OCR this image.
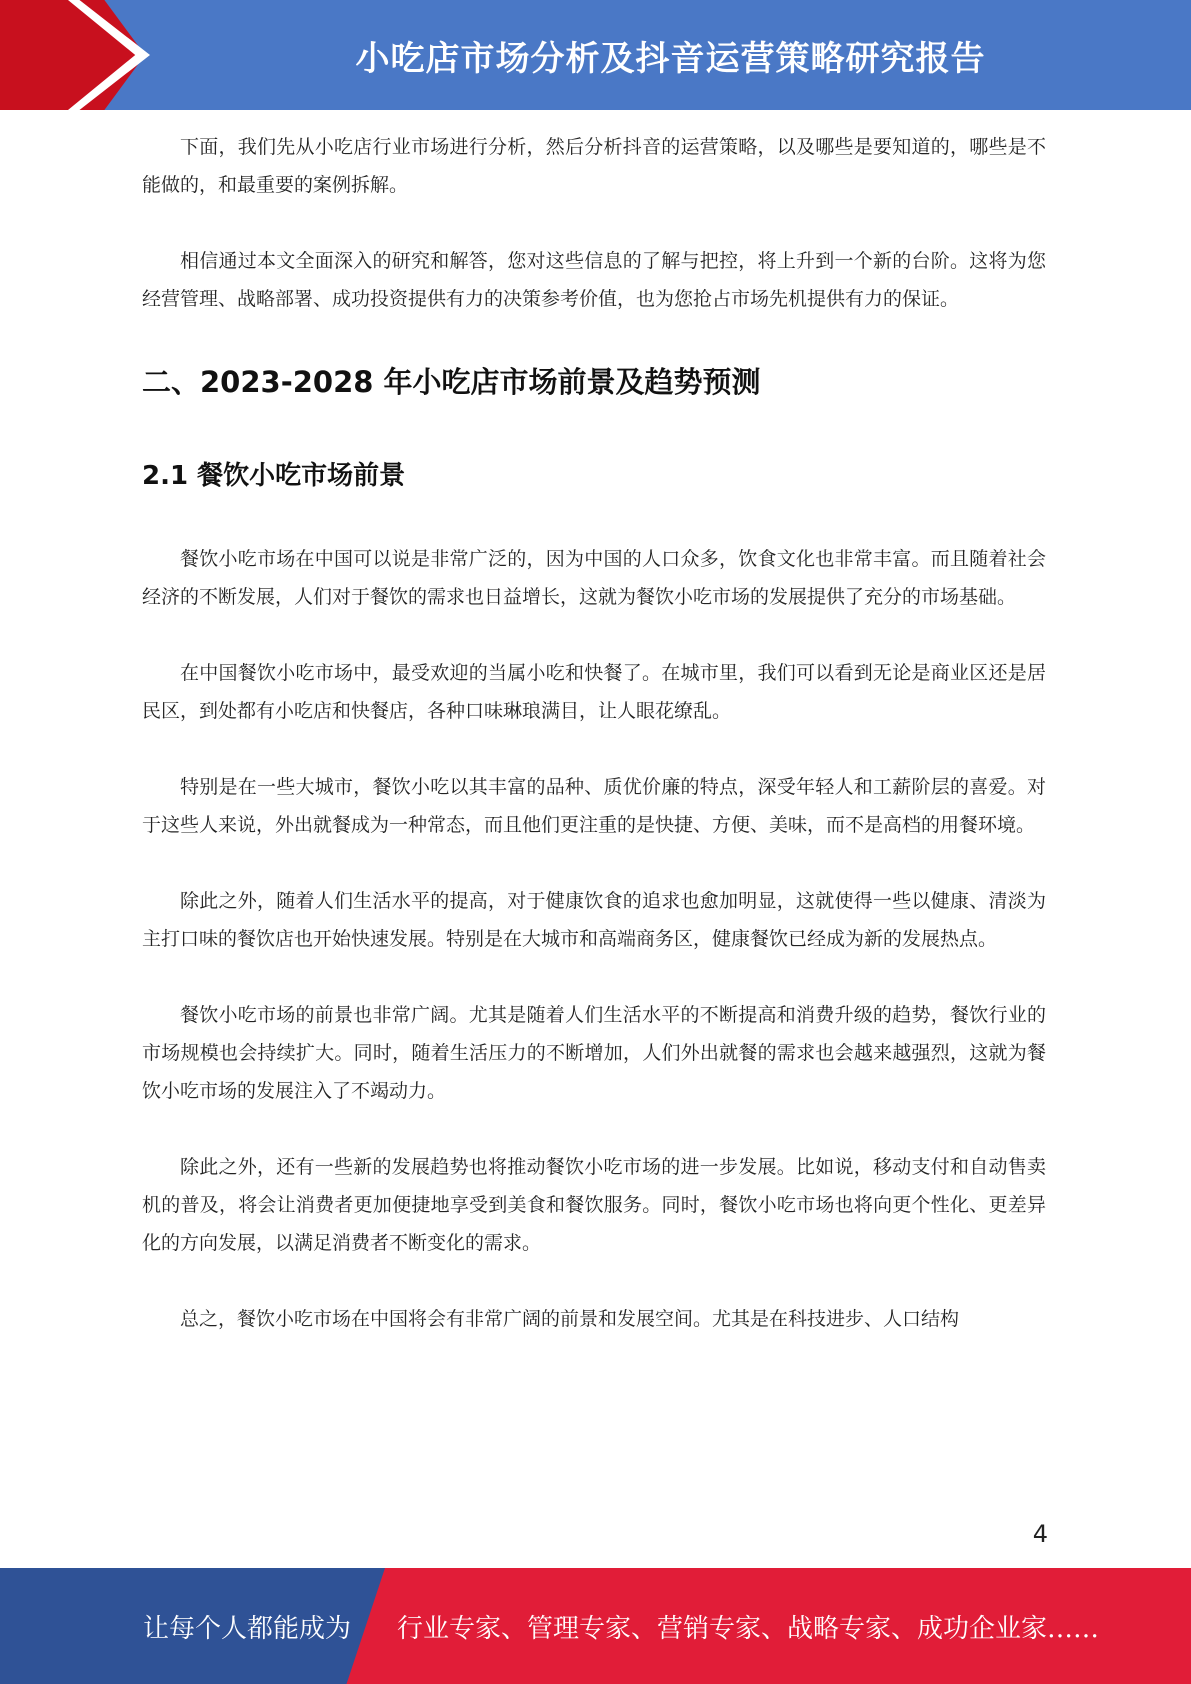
小吃店市场分析及抖音运营策略研究报告

下面，我们先从小吃店行业市场进行分析，然后分析抖音的运营策略，以及哪些是要知道的，哪些是不能做的，和最重要的案例拆解。

相信通过本文全面深入的研究和解答，您对这些信息的了解与把控，将上升到一个新的台阶。这将为您经营管理、战略部署、成功投资提供有力的决策参考价值，也为您抢占市场先机提供有力的保证。

二、2023-2028 年小吃店市场前景及趋势预测
2.1 餐饮小吃市场前景

餐饮小吃市场在中国可以说是非常广泛的，因为中国的人口众多，饮食文化也非常丰富。而且随着社会经济的不断发展，人们对于餐饮的需求也日益增长，这就为餐饮小吃市场的发展提供了充分的市场基础。

在中国餐饮小吃市场中，最受欢迎的当属小吃和快餐了。在城市里，我们可以看到无论是商业区还是居民区，到处都有小吃店和快餐店，各种口味琳琅满目，让人眼花缭乱。

特别是在一些大城市，餐饮小吃以其丰富的品种、质优价廉的特点，深受年轻人和工薪阶层的喜爱。对于这些人来说，外出就餐成为一种常态，而且他们更注重的是快捷、方便、美味，而不是高档的用餐环境。

除此之外，随着人们生活水平的提高，对于健康饮食的追求也愈加明显，这就使得一些以健康、清淡为主打口味的餐饮店也开始快速发展。特别是在大城市和高端商务区，健康餐饮已经成为新的发展热点。

餐饮小吃市场的前景也非常广阔。尤其是随着人们生活水平的不断提高和消费升级的趋势，餐饮行业的市场规模也会持续扩大。同时，随着生活压力的不断增加，人们外出就餐的需求也会越来越强烈，这就为餐饮小吃市场的发展注入了不竭动力。

除此之外，还有一些新的发展趋势也将推动餐饮小吃市场的进一步发展。比如说，移动支付和自动售卖机的普及，将会让消费者更加便捷地享受到美食和餐饮服务。同时，餐饮小吃市场也将向更个性化、更差异化的方向发展，以满足消费者不断变化的需求。

总之，餐饮小吃市场在中国将会有非常广阔的前景和发展空间。尤其是在科技进步、人口结构

4
让每个人都能成为 行业专家、管理专家、营销专家、战略专家、成功企业家……
